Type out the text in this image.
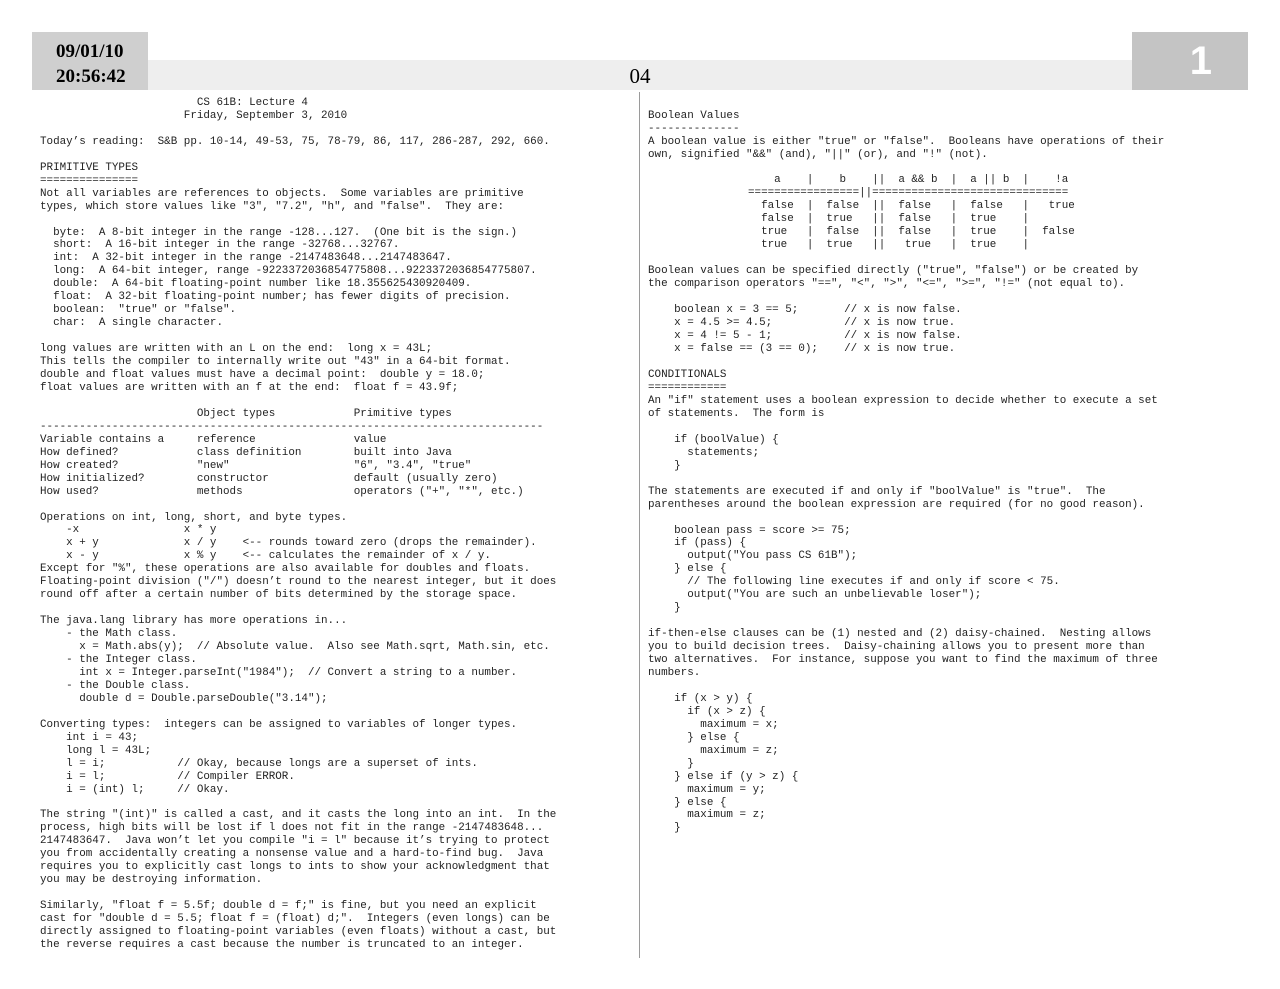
09/01/10
20:56:42	04	1
CS 61B: Lecture 4
Friday, September 3, 2010

Today’s reading:  S&B pp. 10-14, 49-53, 75, 78-79, 86, 117, 286-287, 292, 660.

PRIMITIVE TYPES
===============
Not all variables are references to objects.  Some variables are primitive
types, which store values like "3", "7.2", "h", and "false".  They are:

byte:  A 8-bit integer in the range -128...127.  (One bit is the sign.)
short:  A 16-bit integer in the range -32768...32767.
int:  A 32-bit integer in the range -2147483648...2147483647.
long:  A 64-bit integer, range -9223372036854775808...9223372036854775807.
double:  A 64-bit floating-point number like 18.355625430920409.
float:  A 32-bit floating-point number; has fewer digits of precision.
boolean:  "true" or "false".
char:  A single character.

long values are written with an L on the end:  long x = 43L;
This tells the compiler to internally write out "43" in a 64-bit format.
double and float values must have a decimal point:  double y = 18.0;
float values are written with an f at the end:  float f = 43.9f;

Object types            Primitive types
-----------------------------------------------------------------------------
Variable contains a     reference               value
How defined?            class definition        built into Java
How created?            "new"                   "6", "3.4", "true"
How initialized?        constructor             default (usually zero)
How used?               methods                 operators ("+", "*", etc.)

Operations on int, long, short, and byte types.
-x                x * y
x + y             x / y    <-- rounds toward zero (drops the remainder).
x - y             x % y    <-- calculates the remainder of x / y.
Except for "%", these operations are also available for doubles and floats.
Floating-point division ("/") doesn’t round to the nearest integer, but it does
round off after a certain number of bits determined by the storage space.

The java.lang library has more operations in...
- the Math class.
x = Math.abs(y);  // Absolute value.  Also see Math.sqrt, Math.sin, etc.
- the Integer class.
int x = Integer.parseInt("1984");  // Convert a string to a number.
- the Double class.
double d = Double.parseDouble("3.14");

Converting types:  integers can be assigned to variables of longer types.
int i = 43;
long l = 43L;
l = i;           // Okay, because longs are a superset of ints.
i = l;           // Compiler ERROR.
i = (int) l;     // Okay.

The string "(int)" is called a cast, and it casts the long into an int.  In the
process, high bits will be lost if l does not fit in the range -2147483648...
2147483647.  Java won’t let you compile "i = l" because it’s trying to protect
you from accidentally creating a nonsense value and a hard-to-find bug.  Java
requires you to explicitly cast longs to ints to show your acknowledgment that
you may be destroying information.

Similarly, "float f = 5.5f; double d = f;" is fine, but you need an explicit
cast for "double d = 5.5; float f = (float) d;".  Integers (even longs) can be
directly assigned to floating-point variables (even floats) without a cast, but
the reverse requires a cast because the number is truncated to an integer.
Boolean Values
--------------
A boolean value is either "true" or "false".  Booleans have operations of their
own, signified "&&" (and), "||" (or), and "!" (not).

Boolean values can be specified directly ("true", "false") or be created by
the comparison operators "==", "<", ">", "<=", ">=", "!=" (not equal to).

boolean x = 3 == 5;       // x is now false.
x = 4.5 >= 4.5;           // x is now true.
x = 4 != 5 - 1;           // x is now false.
x = false == (3 == 0);    // x is now true.

CONDITIONALS
============
An "if" statement uses a boolean expression to decide whether to execute a set
of statements.  The form is

if (boolValue) {
statements;
}

The statements are executed if and only if "boolValue" is "true".  The
parentheses around the boolean expression are required (for no good reason).

boolean pass = score >= 75;
if (pass) {
output("You pass CS 61B");
} else {
// The following line executes if and only if score < 75.
output("You are such an unbelievable loser");
}

if-then-else clauses can be (1) nested and (2) daisy-chained.  Nesting allows
you to build decision trees.  Daisy-chaining allows you to present more than
two alternatives.  For instance, suppose you want to find the maximum of three
numbers.

if (x > y) {
if (x > z) {
maximum = x;
} else {
maximum = z;
}
} else if (y > z) {
maximum = y;
} else {
maximum = z;
}
a    |    b    ||  a && b  |  a || b  |    !a
=================||==============================
false  |  false  ||  false   |  false   |   true
false  |  true   ||  false   |  true    |
true   |  false  ||  false   |  true    |  false
true   |  true   ||   true   |  true    |
